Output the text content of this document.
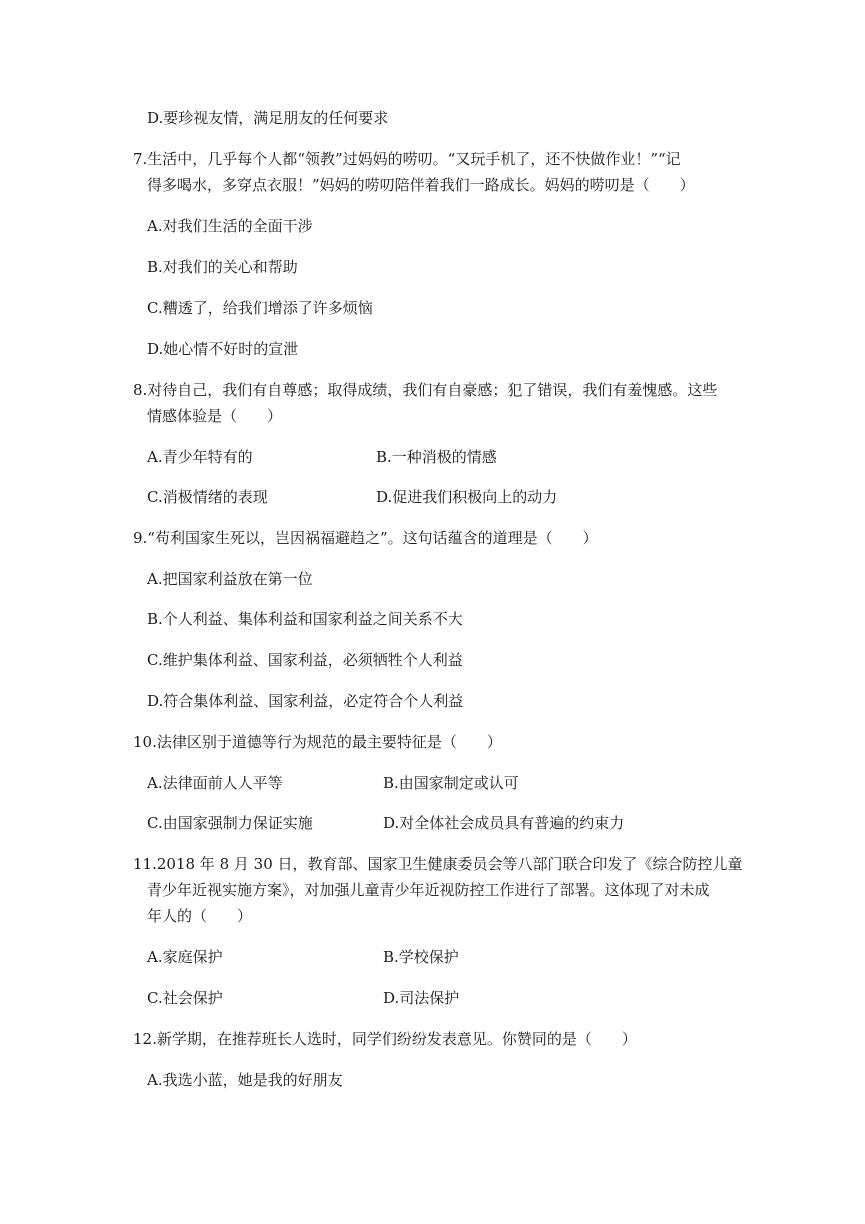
D.要珍视友情，满足朋友的任何要求
7.生活中，几乎每个人都“领教”过妈妈的唠叨。“又玩手机了，还不快做作业！”“记
得多喝水，多穿点衣服！”妈妈的唠叨陪伴着我们一路成长。妈妈的唠叨是（　　）
A.对我们生活的全面干涉
B.对我们的关心和帮助
C.糟透了，给我们增添了许多烦恼
D.她心情不好时的宣泄
8.对待自己，我们有自尊感；取得成绩，我们有自豪感；犯了错误，我们有羞愧感。这些
情感体验是（　　）
A.青少年特有的	B.一种消极的情感
C.消极情绪的表现	D.促进我们积极向上的动力
9.“苟利国家生死以，岂因祸福避趋之”。这句话蕴含的道理是（　　）
A.把国家利益放在第一位
B.个人利益、集体利益和国家利益之间关系不大
C.维护集体利益、国家利益，必须牺牲个人利益
D.符合集体利益、国家利益，必定符合个人利益
10.法律区别于道德等行为规范的最主要特征是（　　）
A.法律面前人人平等	B.由国家制定或认可
C.由国家强制力保证实施	D.对全体社会成员具有普遍的约束力
11.2018 年 8 月 30 日，教育部、国家卫生健康委员会等八部门联合印发了《综合防控儿童
青少年近视实施方案》，对加强儿童青少年近视防控工作进行了部署。这体现了对未成
年人的（　　）
A.家庭保护	B.学校保护
C.社会保护	D.司法保护
12.新学期，在推荐班长人选时，同学们纷纷发表意见。你赞同的是（　　）
A.我选小蓝，她是我的好朋友
